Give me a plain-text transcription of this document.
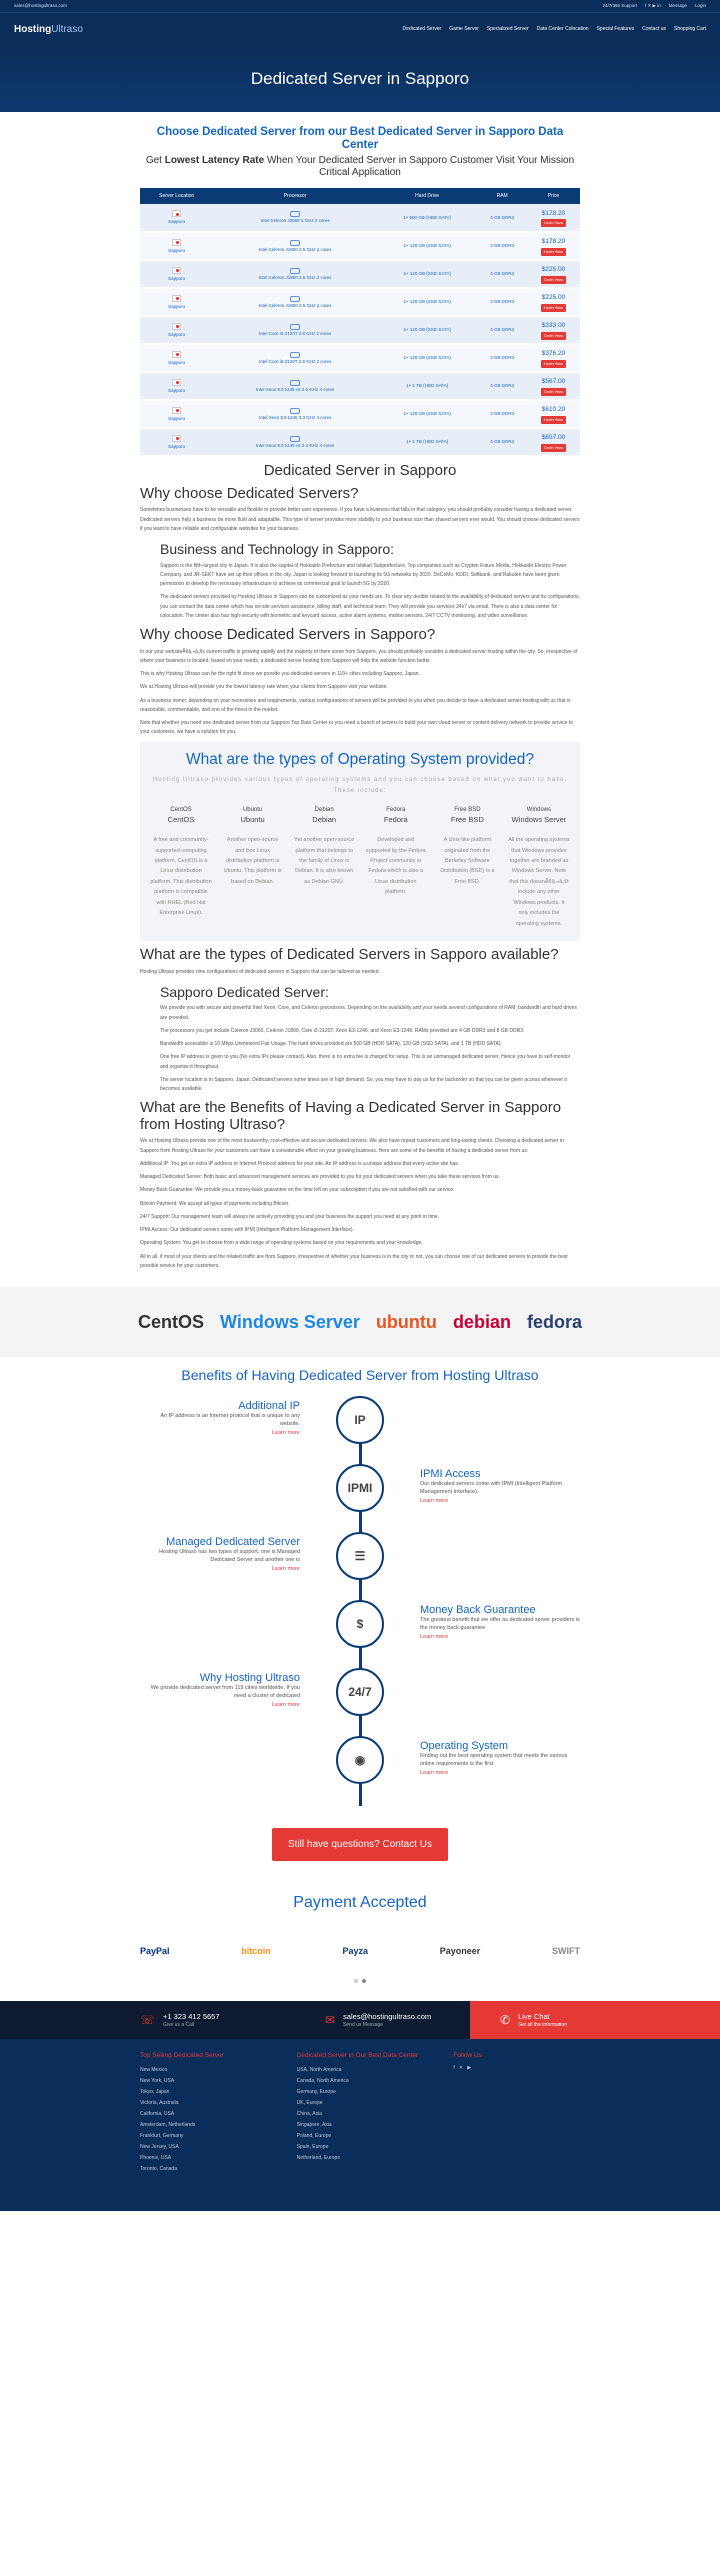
sales@hostingultraso.com	24/7/365 Support f ✕ ▶ in Message Login
HostingUltraso	Dedicated Server Game Server Specialized Server Data Center Colocation Special Features Contact us Shopping Cart
Dedicated Server in Sapporo
Choose Dedicated Server from our Best Dedicated Server in Sapporo Data Center
Get Lowest Latency Rate When Your Dedicated Server in Sapporo Customer Visit Your Mission Critical Application
Server Location	Processor	Hard Drive	RAM	Price

Sapporo	Intel Celeron J3060 1 GHz 2 cores	1× 500 GB (HDD SATA)	4 GB DDR3	$178.20
Order Now

Sapporo	Intel Celeron J1800 2.5 GHz 2 cores	1× 120 GB (SSD SATA)	4 GB DDR3	$178.20
Order Now

Sapporo	Intel Celeron J1800 2.5 GHz 2 cores	1× 120 GB (SSD SATA)	4 GB DDR3	$225.00
Order Now

Sapporo	Intel Celeron J1800 2.5 GHz 2 cores	1× 120 GB (SSD SATA)	4 GB DDR3	$225.00
Order Now

Sapporo	Intel Core i3-2120T 2.6 GHz 2 cores	1× 120 GB (SSD SATA)	4 GB DDR3	$333.00
Order Now

Sapporo	Intel Core i3-2120T 2.6 GHz 2 cores	1× 120 GB (SSD SATA)	4 GB DDR3	$376.20
Order Now

Sapporo	Intel Xeon E3-1246 v3 3.5 GHz 4 cores	1× 1 TB (HDD SATA)	4 GB DDR3	$567.00
Order Now

Sapporo	Intel Xeon E3-1245 3.3 GHz 4 cores	1× 120 GB (SSD SATA)	4 GB DDR3	$610.20
Order Now

Sapporo	Intel Xeon E3-1245 v3 3.4 GHz 4 cores	1× 1 TB (HDD SATA)	4 GB DDR3	$657.00
Order Now
Dedicated Server in Sapporo
Why choose Dedicated Servers?

Sometimes businesses have to be versatile and flexible to provide better user experience. If you have a business that falls in that category, you should probably consider having a dedicated server. Dedicated servers help a business be more fluid and adaptable. This type of server provides more stability to your business size than shared servers ever would. You should choose dedicated servers if you want to have reliable and configurable websites for your business.

Business and Technology in Sapporo:

Sapporo is the fifth-largest city in Japan. It is also the capital of Hokkaido Prefecture and Ishikari Subprefecture. Top companies such as Crypton Future Media, Hokkaido Electric Power Company, and JR-SEKT have set up their offices in the city. Japan is looking forward to launching its 5G networks by 2020. DoCoMo, KDDI, Softbank, and Rakuten have been given permission to develop the necessary infrastructure to achieve its commercial goal to launch 5G by 2020.

The dedicated servers provided by Hosting Ultraso in Sapporo can be customized as your needs are. To clear any doubts related to the availability of dedicated servers and its configurations, you can contact the data center which has on-site services assistance, billing staff, and technical team. They will provide you services 24x7 via email. There is also a data center for colocation. The center also has high-security with biometric and keycard access, active alarm systems, motion sensors, 24/7 CCTV monitoring, and video surveillance.

Why choose Dedicated Servers in Sapporo?

In our your websiteÃ¢â‚¬â„¢s current traffic is growing rapidly and the majority of them come from Sapporo, you should probably consider a dedicated server hosting within the city. So, irrespective of where your business is located, based on your needs, a dedicated server hosting from Sapporo will help the website function better.

This is why Hosting Ultraso can be the right fit since we provide you dedicated servers in 119+ cities including Sapporo, Japan.

We at Hosting Ultraso will provide you the lowest latency rate when your clients from Sapporo visit your website.

As a business owner, depending on your necessities and requirements, various configurations of servers will be provided to you when you decide to have a dedicated server hosting with us that is reasonable, commendable, and one of the finest in the market.

Note that whether you need one dedicated server from our Sapporo Top Data Center or you need a bunch of servers to build your own cloud server or content delivery network to provide service to your customers, we have a solution for you.

What are the types of Operating System provided?

Hosting Ultraso provides various types of operating systems and you can choose based on what you want to have. These include:

CentOS
CentOS
A free and community-supported computing platform, CentOS is a Linux distribution platform. This distribution platform is compatible with RHEL (Red Hat Enterprise Linux).
Ubuntu
Ubuntu
Another open-source and free Linux distribution platform is Ubuntu. This platform is based on Debian.
Debian
Debian
Yet another open-source platform that belongs to the family of Linux is Debian. It is also known as Debian GNU.
Fedora
Fedora
Developed and supported by the Fedora Project community in Fedora which is also a Linux distribution platform.
Free BSD
Free BSD
A Unix-like platform originated from the Berkeley Software Distribution (BSD) is a Free BSD.
Windows
Windows Server
All the operating systems that Windows provides together are branded as Windows Server. Note that this doesnÃ¢â‚¬â„¢t include any other Windows products. It only includes the operating systems.
What are the types of Dedicated Servers in Sapporo available?

Hosting Ultraso provides nine configurations of dedicated servers in Sapporo that can be tailored as needed.

Sapporo Dedicated Server:

We provide you with secure and powerful Intel Xeon, Core, and Celeron processors. Depending on the availability and your needs several configurations of RAM, bandwidth and hard drives are provided.

The processors you get include Celeron J3060, Celeron J1800, Core i3-2120T, Xeon E3-1246, and Xeon E3-1245. RAMs provided are 4 GB DDR3 and 8 GB DDR3.

Bandwidth accessible is 10 Mbps Unmetered Fair Usage. The hard drives provided are 500 GB (HDD SATA), 120 GB (SSD SATA), and 1 TB (HDD SATA).

One free IP address is given to you (No extra IPs please contact). Also, there is no extra fee is charged for setup. This is an unmanaged dedicated server. Hence you have to self-monitor and organize it throughout.

The server location is in Sapporo, Japan. Dedicated servers some times are in high demand. So, you may have to pay us for the backorder so that you can be given access whenever it becomes available.

What are the Benefits of Having a Dedicated Server in Sapporo from Hosting Ultraso?

We at Hosting Ultraso provide one of the most trustworthy, cost-effective and secure dedicated servers. We also have repeat customers and long-lasting clients. Choosing a dedicated server in Sapporo from Hosting Ultraso for your customers can have a considerable effect on your growing business. Here are some of the benefits of having a dedicated server from us:

Additional IP: You get an extra IP address or Internet Protocol address for your site. An IP address is a unique address that every active site has.

Managed Dedicated Server: Both basic and advanced management services are provided to you for your dedicated servers when you take these services from us.

Money Back Guarantee: We provide you a money-back guarantee on the time left on your subscription if you are not satisfied with our service.

Bitcoin Payment: We accept all types of payments including Bitcoin.

24/7 Support: Our management team will always be actively providing you and your business the support you need at any point in time.

IPMI Access: Our dedicated servers come with IPMI (Intelligent Platform Management Interface).

Operating System: You get to choose from a wide range of operating systems based on your requirements and your knowledge.

All in all, if most of your clients and the related traffic are from Sapporo, irrespective of whether your business is in the city or not, you can choose one of our dedicated servers to provide the best possible service for your customers.

CentOS Windows Server ubuntu debian fedora
Benefits of Having Dedicated Server from Hosting Ultraso
Additional IP
An IP address is an Internet protocol that is unique to any website.
Learn more
IP
IPMI Access
Our dedicated servers come with IPMI (Intelligent Platform Management Interface).
Learn more
IPMI
Managed Dedicated Server
Hosting Ultraso has two types of support, one is Managed Dedicated Server and another one is
Learn more
☰
Money Back Guarantee
The greatest benefit that we offer as dedicated server providers is the money back guarantee
Learn more
$
Why Hosting Ultraso
We provide dedicated server from 119 cities worldwide. If you need a cluster of dedicated
Learn more
24/7
Operating System
Finding out the best operating system that meets the various online requirements is the first
Learn more
◉
Still have questions? Contact Us
Payment Accepted
PayPal	bitcoin	Payza	Payoneer	SWIFT
☏ +1 323 412 5657
Give us a Call	✉ sales@hostingultraso.com
Send us Message	✆ Live Chat
Get all the information
Top Selling Dedicated Server
New Mexico
New York, USA
Tokyo, Japan
Victoria, Australia
California, USA
Amsterdam, Netherlands
Frankfurt, Germany
New Jersey, USA
Phoenix, USA
Toronto, Canada
Dedicated Server in Our Best Data Center
USA, North America
Canada, North America
Germany, Europe
UK, Europe
China, Asia
Singapore, Asia
Poland, Europe
Spain, Europe
Netherland, Europe
Follow Us
f   ✕   ▶
